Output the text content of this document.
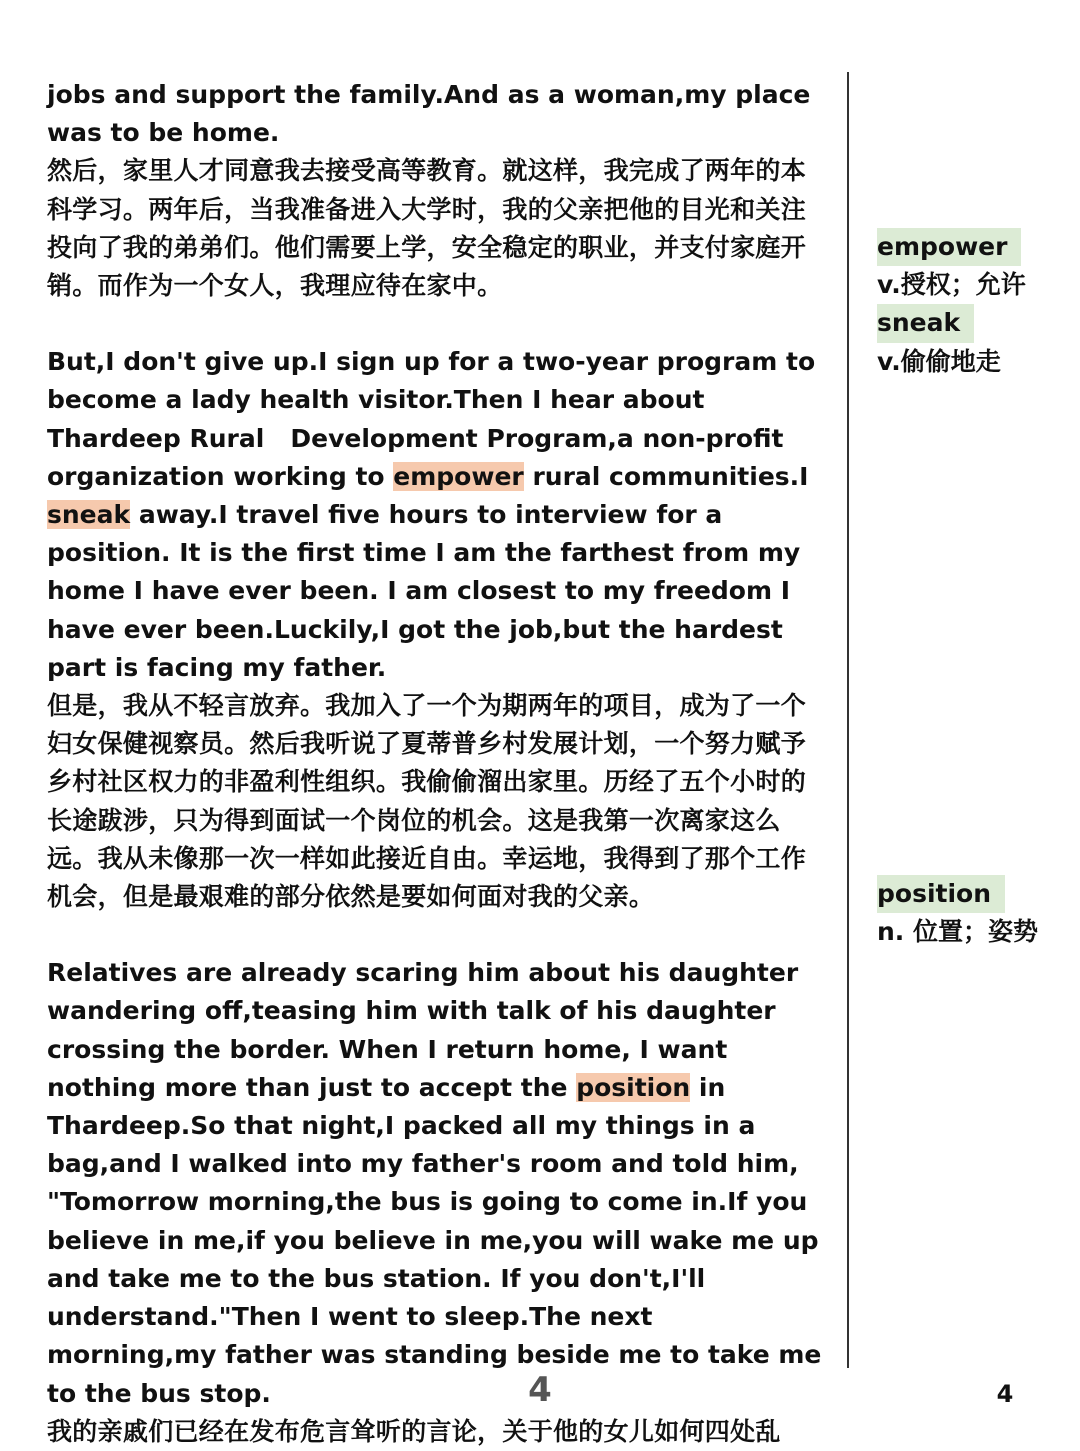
jobs and support the family.And as a woman,my place was to be home.

然后，家里人才同意我去接受高等教育。就这样，我完成了两年的本科学习。两年后，当我准备进入大学时，我的父亲把他的目光和关注投向了我的弟弟们。他们需要上学，安全稳定的职业，并支付家庭开销。而作为一个女人，我理应待在家中。

But,I don't give up.I sign up for a two-year program to become a lady health visitor.Then I hear about Thardeep Rural   Development Program,a non-profit organization working to empower rural communities.I sneak away.I travel five hours to interview for a position. It is the first time I am the farthest from my home I have ever been. I am closest to my freedom I have ever been.Luckily,I got the job,but the hardest part is facing my father.

但是，我从不轻言放弃。我加入了一个为期两年的项目，成为了一个妇女保健视察员。然后我听说了夏蒂普乡村发展计划，一个努力赋予乡村社区权力的非盈利性组织。我偷偷溜出家里。历经了五个小时的长途跋涉，只为得到面试一个岗位的机会。这是我第一次离家这么远。我从未像那一次一样如此接近自由。幸运地，我得到了那个工作机会，但是最艰难的部分依然是要如何面对我的父亲。

Relatives are already scaring him about his daughter wandering off,teasing him with talk of his daughter crossing the border. When I return home, I want nothing more than just to accept the position in Thardeep.So that night,I packed all my things in a bag,and I walked into my father's room and told him, "Tomorrow morning,the bus is going to come in.If you believe in me,if you believe in me,you will wake me up and take me to the bus station. If you don't,I'll understand."Then I went to sleep.The next morning,my father was standing beside me to take me to the bus stop.

我的亲戚们已经在发布危言耸听的言论，关于他的女儿如何四处乱

empower
v.授权；允许
sneak
v.偷偷地走
position
n. 位置；姿势
4	4
